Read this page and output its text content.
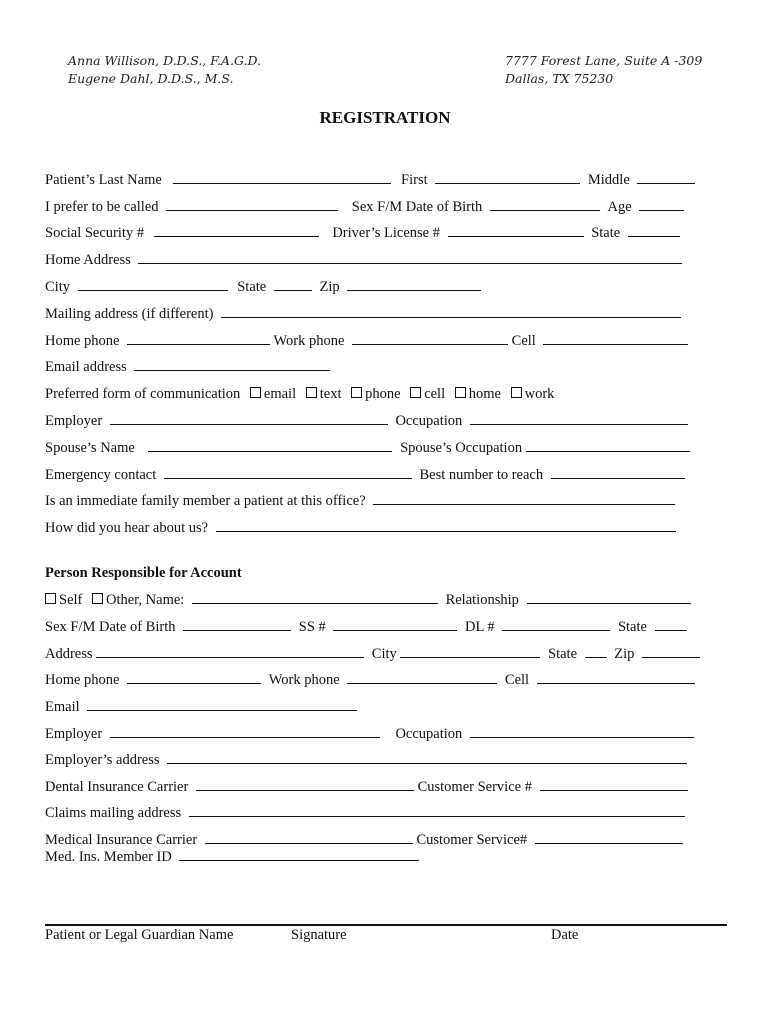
Anna Willison, D.D.S., F.A.G.D.
Eugene Dahl, D.D.S., M.S.
7777 Forest Lane, Suite A -309
Dallas, TX 75230
REGISTRATION
Patient’s Last Name	First	Middle
I prefer to be called	Sex F/M Date of Birth	Age
Social Security #	Driver’s License #	State
Home Address
City	State	Zip
Mailing address (if different)
Home phone	Work phone	Cell
Email address
Preferred form of communication email text phone cell home work
Employer	Occupation
Spouse’s Name	Spouse’s Occupation
Emergency contact	Best number to reach
Is an immediate family member a patient at this office?
How did you hear about us?
Person Responsible for Account
Self Other, Name:	Relationship
Sex F/M Date of Birth	SS #	DL #	State
Address	City	State	Zip
Home phone	Work phone	Cell
Email
Employer	Occupation
Employer’s address
Dental Insurance Carrier	Customer Service #
Claims mailing address
Medical Insurance Carrier	Customer Service#
Med. Ins. Member ID
Patient or Legal Guardian Name	Signature	Date
